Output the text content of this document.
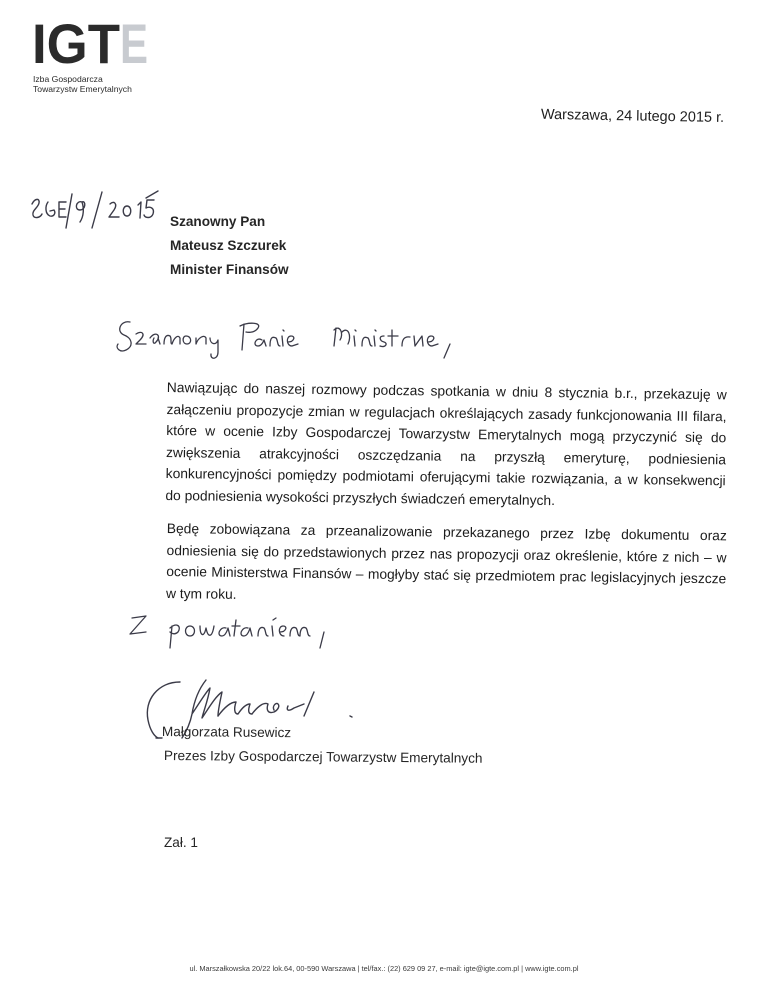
IGT E
Izba Gospodarcza
Towarzystw Emerytalnych
Warszawa, 24 lutego 2015 r.
Szanowny Pan
Mateusz Szczurek
Minister Finansów
Nawiązując do naszej rozmowy podczas spotkania w dniu 8 stycznia b.r., przekazuję w załączeniu propozycje zmian w regulacjach określających zasady funkcjonowania III filara, które w ocenie Izby Gospodarczej Towarzystw Emerytalnych mogą przyczynić się do zwiększenia atrakcyjności oszczędzania na przyszłą emeryturę, podniesienia konkurencyjności pomiędzy podmiotami oferującymi takie rozwiązania, a w konsekwencji do podniesienia wysokości przyszłych świadczeń emerytalnych.
Będę zobowiązana za przeanalizowanie przekazanego przez Izbę dokumentu oraz odniesienia się do przedstawionych przez nas propozycji oraz określenie, które z nich – w ocenie Ministerstwa Finansów – mogłyby stać się przedmiotem prac legislacyjnych jeszcze w tym roku.
Małgorzata Rusewicz
Prezes Izby Gospodarczej Towarzystw Emerytalnych
Zał. 1
ul. Marszałkowska 20/22 lok.64, 00-590 Warszawa | tel/fax.: (22) 629 09 27, e-mail: igte@igte.com.pl | www.igte.com.pl
